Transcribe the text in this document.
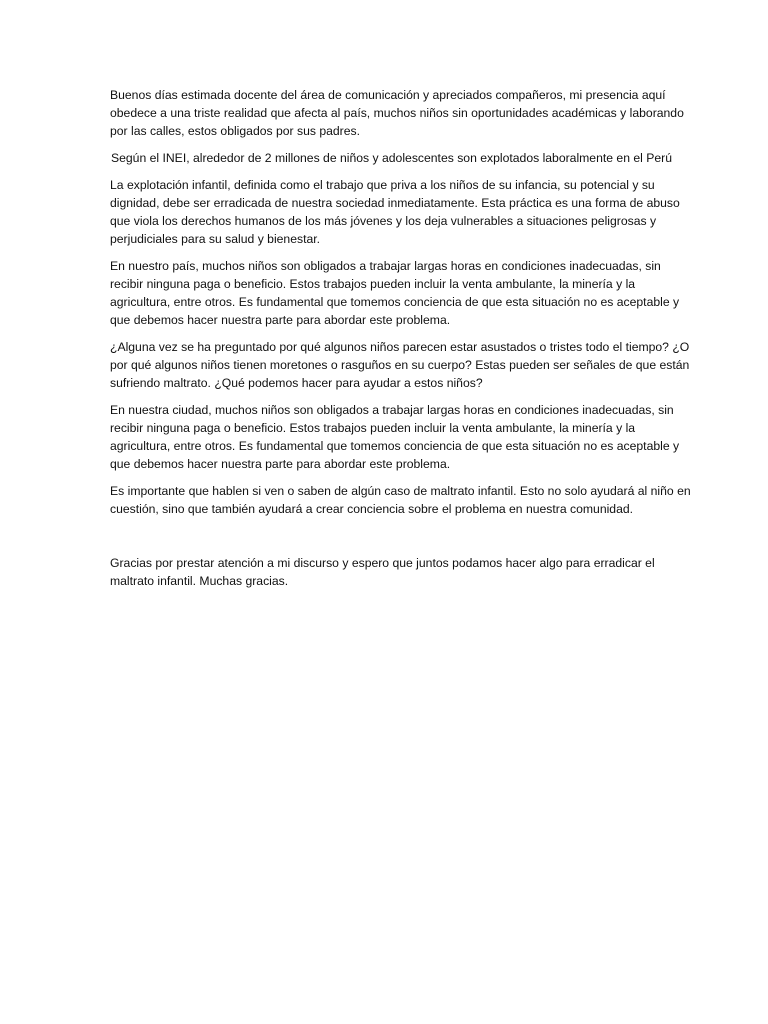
Buenos días estimada docente del área de comunicación y apreciados compañeros, mi presencia aquí obedece a una triste realidad que afecta al país, muchos niños sin oportunidades académicas y laborando por las calles, estos obligados por sus padres.

Según el INEI, alrededor de 2 millones de niños y adolescentes son explotados laboralmente en el Perú

La explotación infantil, definida como el trabajo que priva a los niños de su infancia, su potencial y su dignidad, debe ser erradicada de nuestra sociedad inmediatamente. Esta práctica es una forma de abuso que viola los derechos humanos de los más jóvenes y los deja vulnerables a situaciones peligrosas y perjudiciales para su salud y bienestar.

En nuestro país, muchos niños son obligados a trabajar largas horas en condiciones inadecuadas, sin recibir ninguna paga o beneficio. Estos trabajos pueden incluir la venta ambulante, la minería y la agricultura, entre otros. Es fundamental que tomemos conciencia de que esta situación no es aceptable y que debemos hacer nuestra parte para abordar este problema.

¿Alguna vez se ha preguntado por qué algunos niños parecen estar asustados o tristes todo el tiempo? ¿O por qué algunos niños tienen moretones o rasguños en su cuerpo? Estas pueden ser señales de que están sufriendo maltrato. ¿Qué podemos hacer para ayudar a estos niños?

En nuestra ciudad, muchos niños son obligados a trabajar largas horas en condiciones inadecuadas, sin recibir ninguna paga o beneficio. Estos trabajos pueden incluir la venta ambulante, la minería y la agricultura, entre otros. Es fundamental que tomemos conciencia de que esta situación no es aceptable y que debemos hacer nuestra parte para abordar este problema.

Es importante que hablen si ven o saben de algún caso de maltrato infantil. Esto no solo ayudará al niño en cuestión, sino que también ayudará a crear conciencia sobre el problema en nuestra comunidad.

Gracias por prestar atención a mi discurso y espero que juntos podamos hacer algo para erradicar el maltrato infantil. Muchas gracias.
